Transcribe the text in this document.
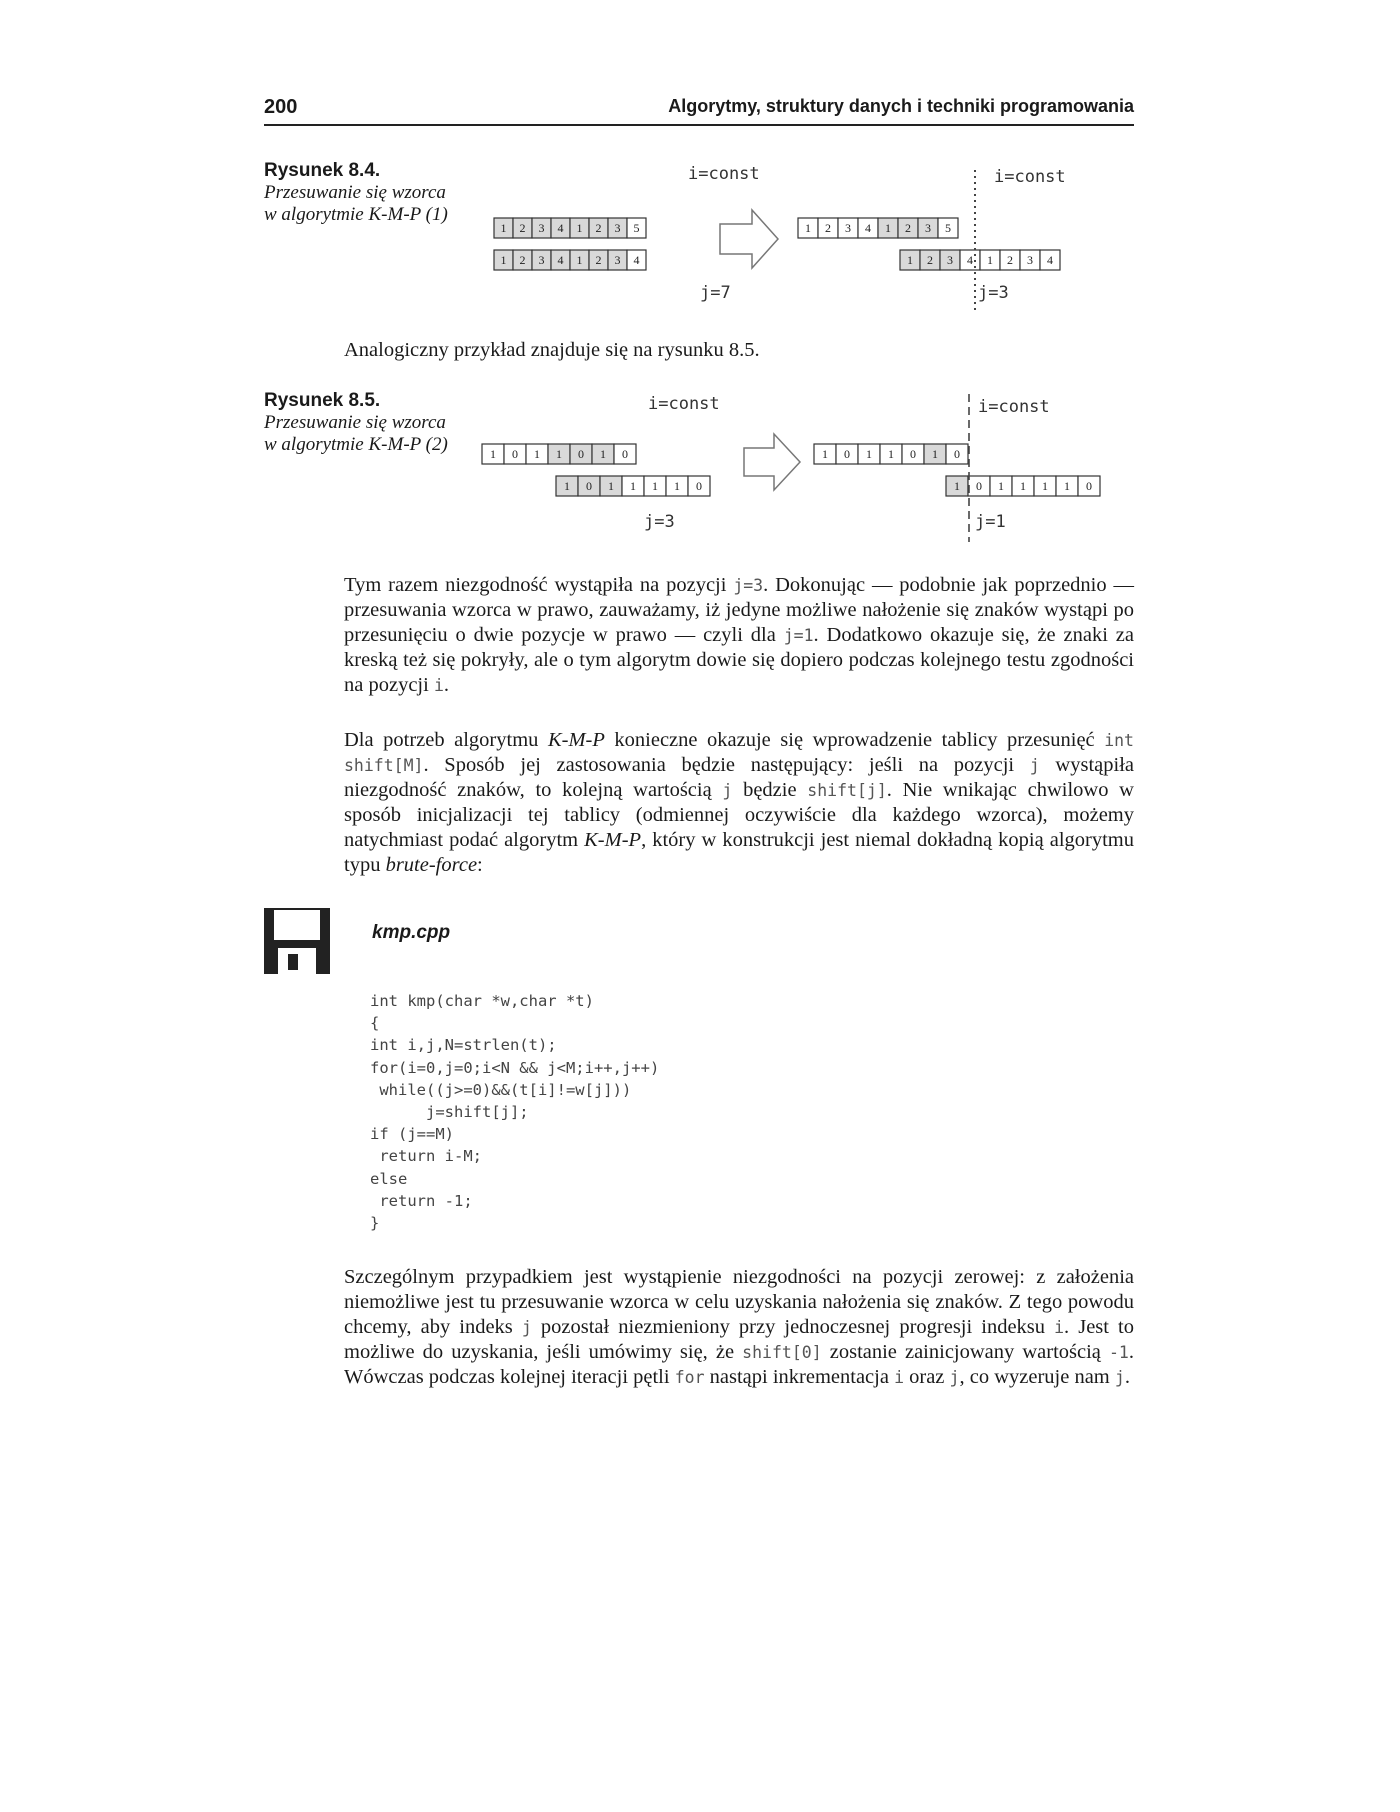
200	Algorytmy, struktury danych i techniki programowania
Rysunek 8.4.
Przesuwanie się wzorca
w algorytmie K-M-P (1)
i=const
j=7
1 2 3 4 1 2 3 5
1 2 3 4 1 2 3 4
1 2 3 4 1 2 3 5
1 2 3 4 1 2 3 4
i=const
j=3

Analogiczny przykład znajduje się na rysunku 8.5.

Rysunek 8.5.
Przesuwanie się wzorca
w algorytmie K-M-P (2)
i=const
j=3
1 0 1 1 0 1 0
1 0 1 1 1 1 0
1 0 1 1 0 1 0
1 0 1 1 1 1 0
i=const
j=1
Tym razem niezgodność wystąpiła na pozycji j=3. Dokonując — podobnie jak poprzednio — przesuwania wzorca w prawo, zauważamy, iż jedyne możliwe nałożenie się znaków wystąpi po przesunięciu o dwie pozycje w prawo — czyli dla j=1. Dodatkowo okazuje się, że znaki za kreską też się pokryły, ale o tym algorytm dowie się dopiero podczas kolejnego testu zgodności na pozycji i.
Dla potrzeb algorytmu K-M-P konieczne okazuje się wprowadzenie tablicy przesunięć int shift[M]. Sposób jej zastosowania będzie następujący: jeśli na pozycji j wystąpiła niezgodność znaków, to kolejną wartością j będzie shift[j]. Nie wnikając chwilowo w sposób inicjalizacji tej tablicy (odmiennej oczywiście dla każdego wzorca), możemy natychmiast podać algorytm K-M-P, który w konstrukcji jest niemal dokładną kopią algorytmu typu brute-force:
kmp.cpp
int kmp(char *w,char *t)
{
int i,j,N=strlen(t);
for(i=0,j=0;i<N && j<M;i++,j++)
while((j>=0)&&(t[i]!=w[j]))
j=shift[j];
if (j==M)
return i-M;
else
return -1;
}
Szczególnym przypadkiem jest wystąpienie niezgodności na pozycji zerowej: z założenia niemożliwe jest tu przesuwanie wzorca w celu uzyskania nałożenia się znaków. Z tego powodu chcemy, aby indeks j pozostał niezmieniony przy jednoczesnej progresji indeksu i. Jest to możliwe do uzyskania, jeśli umówimy się, że shift[0] zostanie zainicjowany wartością -1. Wówczas podczas kolejnej iteracji pętli for nastąpi inkrementacja i oraz j, co wyzeruje nam j.
